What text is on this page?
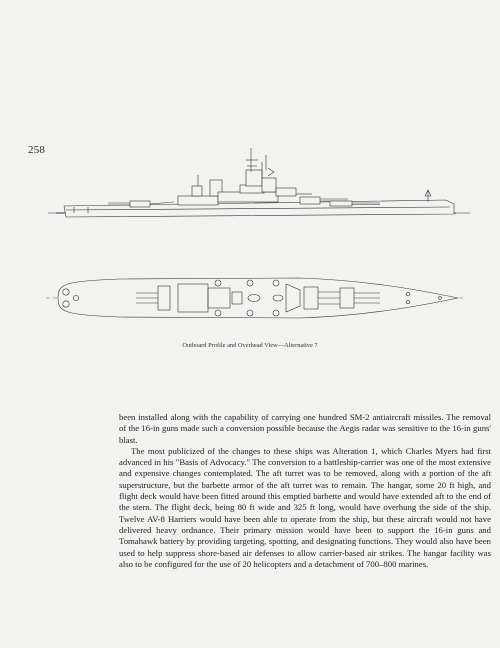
258
Outboard Profile and Overhead View—Alternative 7

been installed along with the capability of carrying one hundred SM-2 antiaircraft missiles. The removal of the 16-in guns made such a conversion possible because the Aegis radar was sensitive to the 16-in guns' blast.

The most publicized of the changes to these ships was Alteration 1, which Charles Myers had first advanced in his "Basis of Advocacy." The conversion to a battleship-carrier was one of the most extensive and expensive changes contemplated. The aft turret was to be removed, along with a portion of the aft superstructure, but the barbette armor of the aft turret was to remain. The hangar, some 20 ft high, and flight deck would have been fitted around this emptied barbette and would have extended aft to the end of the stern. The flight deck, being 80 ft wide and 325 ft long, would have overhung the side of the ship. Twelve AV-8 Harriers would have been able to operate from the ship, but these aircraft would not have delivered heavy ordnance. Their primary mission would have been to support the 16-in guns and Tomahawk battery by providing targeting, spotting, and designating functions. They would also have been used to help suppress shore-based air defenses to allow carrier-based air strikes. The hangar facility was also to be configured for the use of 20 helicopters and a detachment of 700–800 marines.
